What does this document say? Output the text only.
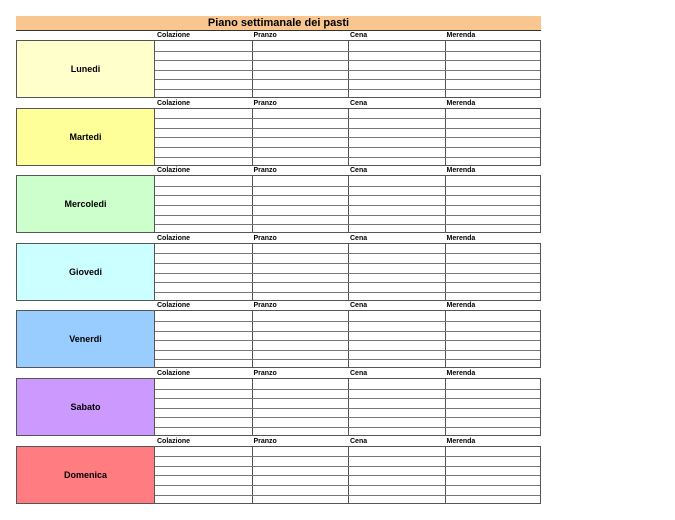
Piano settimanale dei pasti
Colazione	Pranzo	Cena	Merenda
Lunedi
Colazione	Pranzo	Cena	Merenda
Martedi
Colazione	Pranzo	Cena	Merenda
Mercoledi
Colazione	Pranzo	Cena	Merenda
Giovedi
Colazione	Pranzo	Cena	Merenda
Venerdi
Colazione	Pranzo	Cena	Merenda
Sabato
Colazione	Pranzo	Cena	Merenda
Domenica
